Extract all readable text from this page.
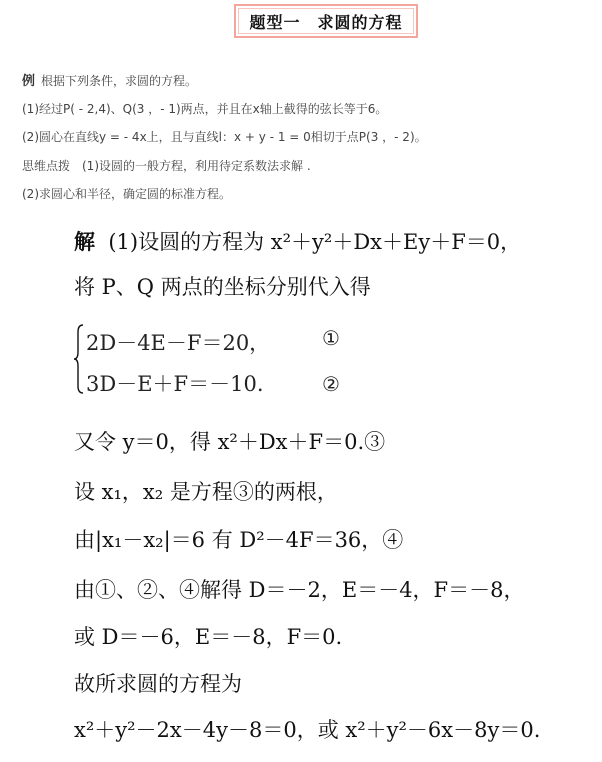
题型一　求圆的方程
例 根据下列条件，求圆的方程。
(1)经过P( - 2,4)、Q(3 ，- 1)两点，并且在x轴上截得的弦长等于6。
(2)圆心在直线y = - 4x上，且与直线l：x + y - 1 = 0相切于点P(3 ，- 2)。
思维点拨　(1)设圆的一般方程，利用待定系数法求解 .
(2)求圆心和半径，确定圆的标准方程。
解 (1)设圆的方程为 x²＋y²＋Dx＋Ey＋F＝0，
将 P、Q 两点的坐标分别代入得
2D－4E－F＝20，
3D－E＋F＝－10.
①
②
又令 y＝0，得 x²＋Dx＋F＝0.③
设 x₁，x₂ 是方程③的两根，
由|x₁－x₂|＝6 有 D²－4F＝36，④
由①、②、④解得 D＝－2，E＝－4，F＝－8，
或 D＝－6，E＝－8，F＝0.
故所求圆的方程为
x²＋y²－2x－4y－8＝0，或 x²＋y²－6x－8y＝0.
